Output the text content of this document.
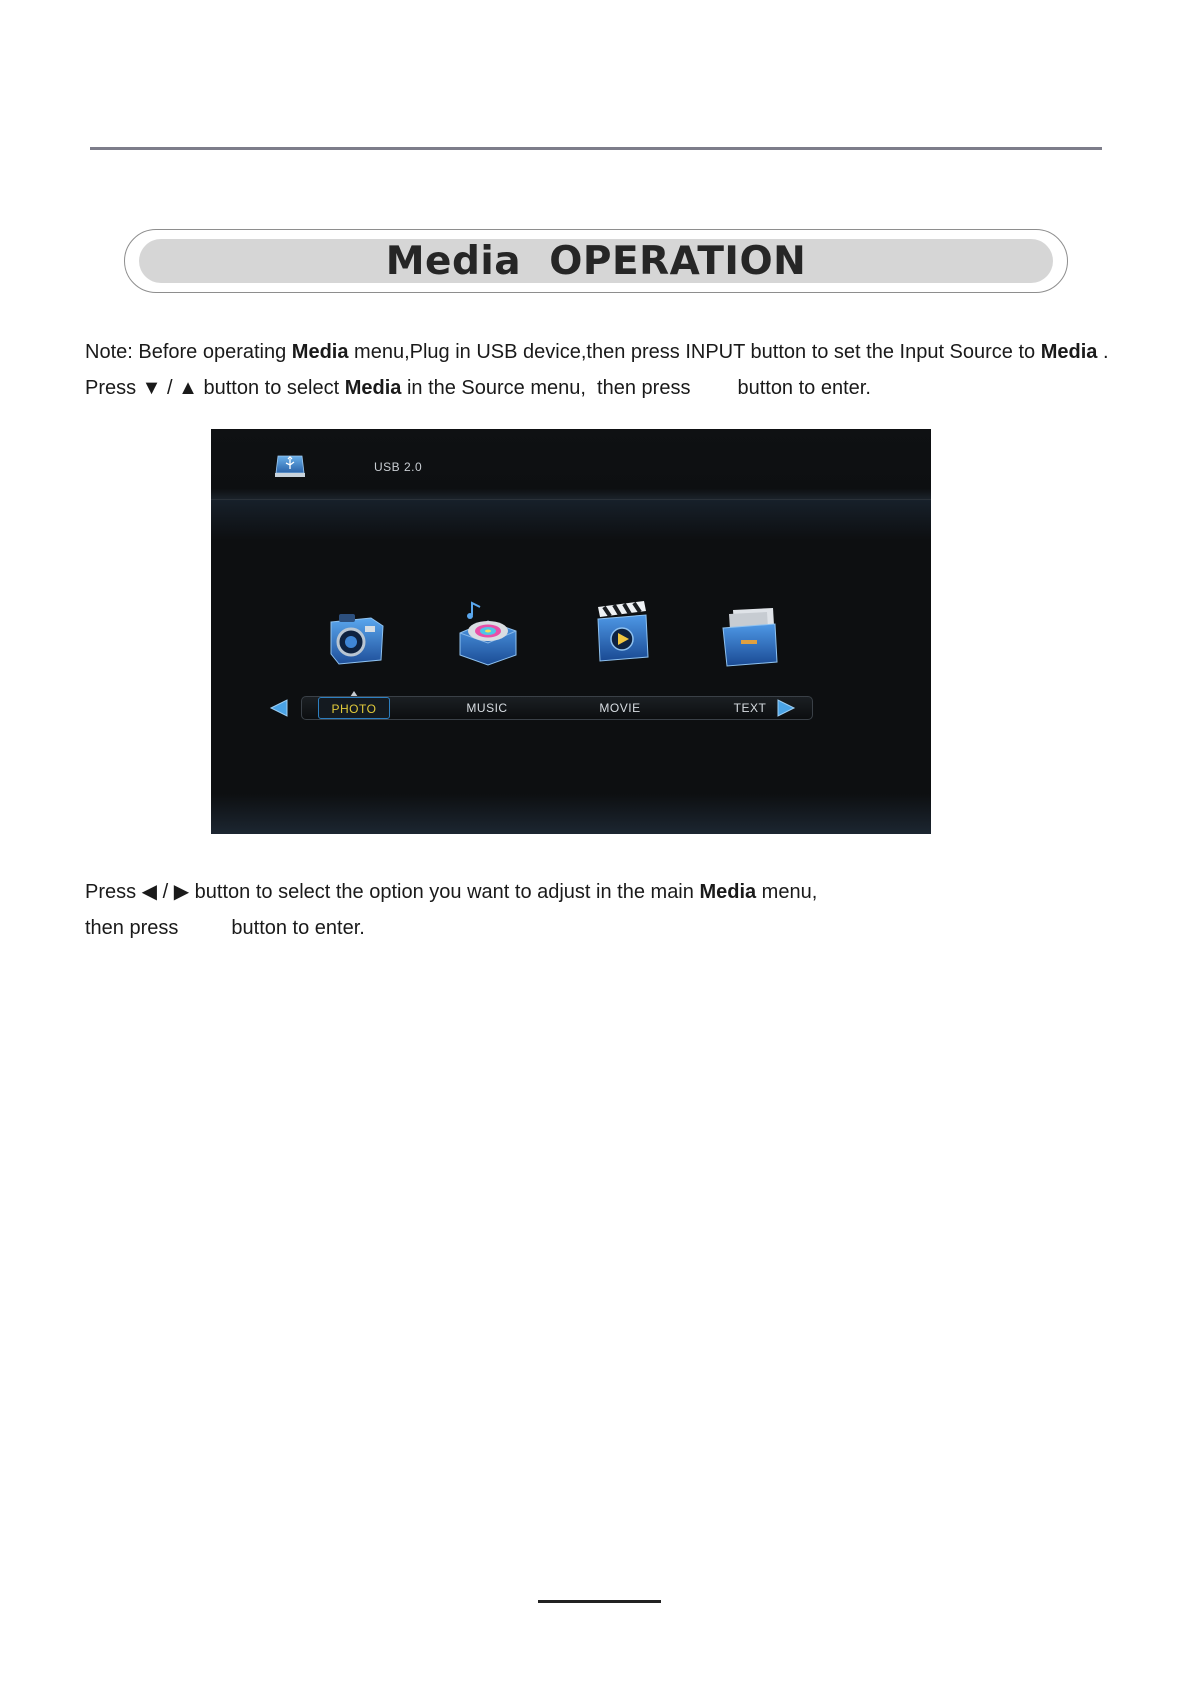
Media  OPERATION
Note: Before operating Media menu,Plug in USB device,then press INPUT button to set the Input Source to Media .
Press ▼ / ▲ button to select Media in the Source menu,  then press button to enter.
USB 2.0
PHOTO	MUSIC	MOVIE	TEXT
Press ◀ / ▶ button to select the option you want to adjust in the main Media menu,
then press	button to enter.
